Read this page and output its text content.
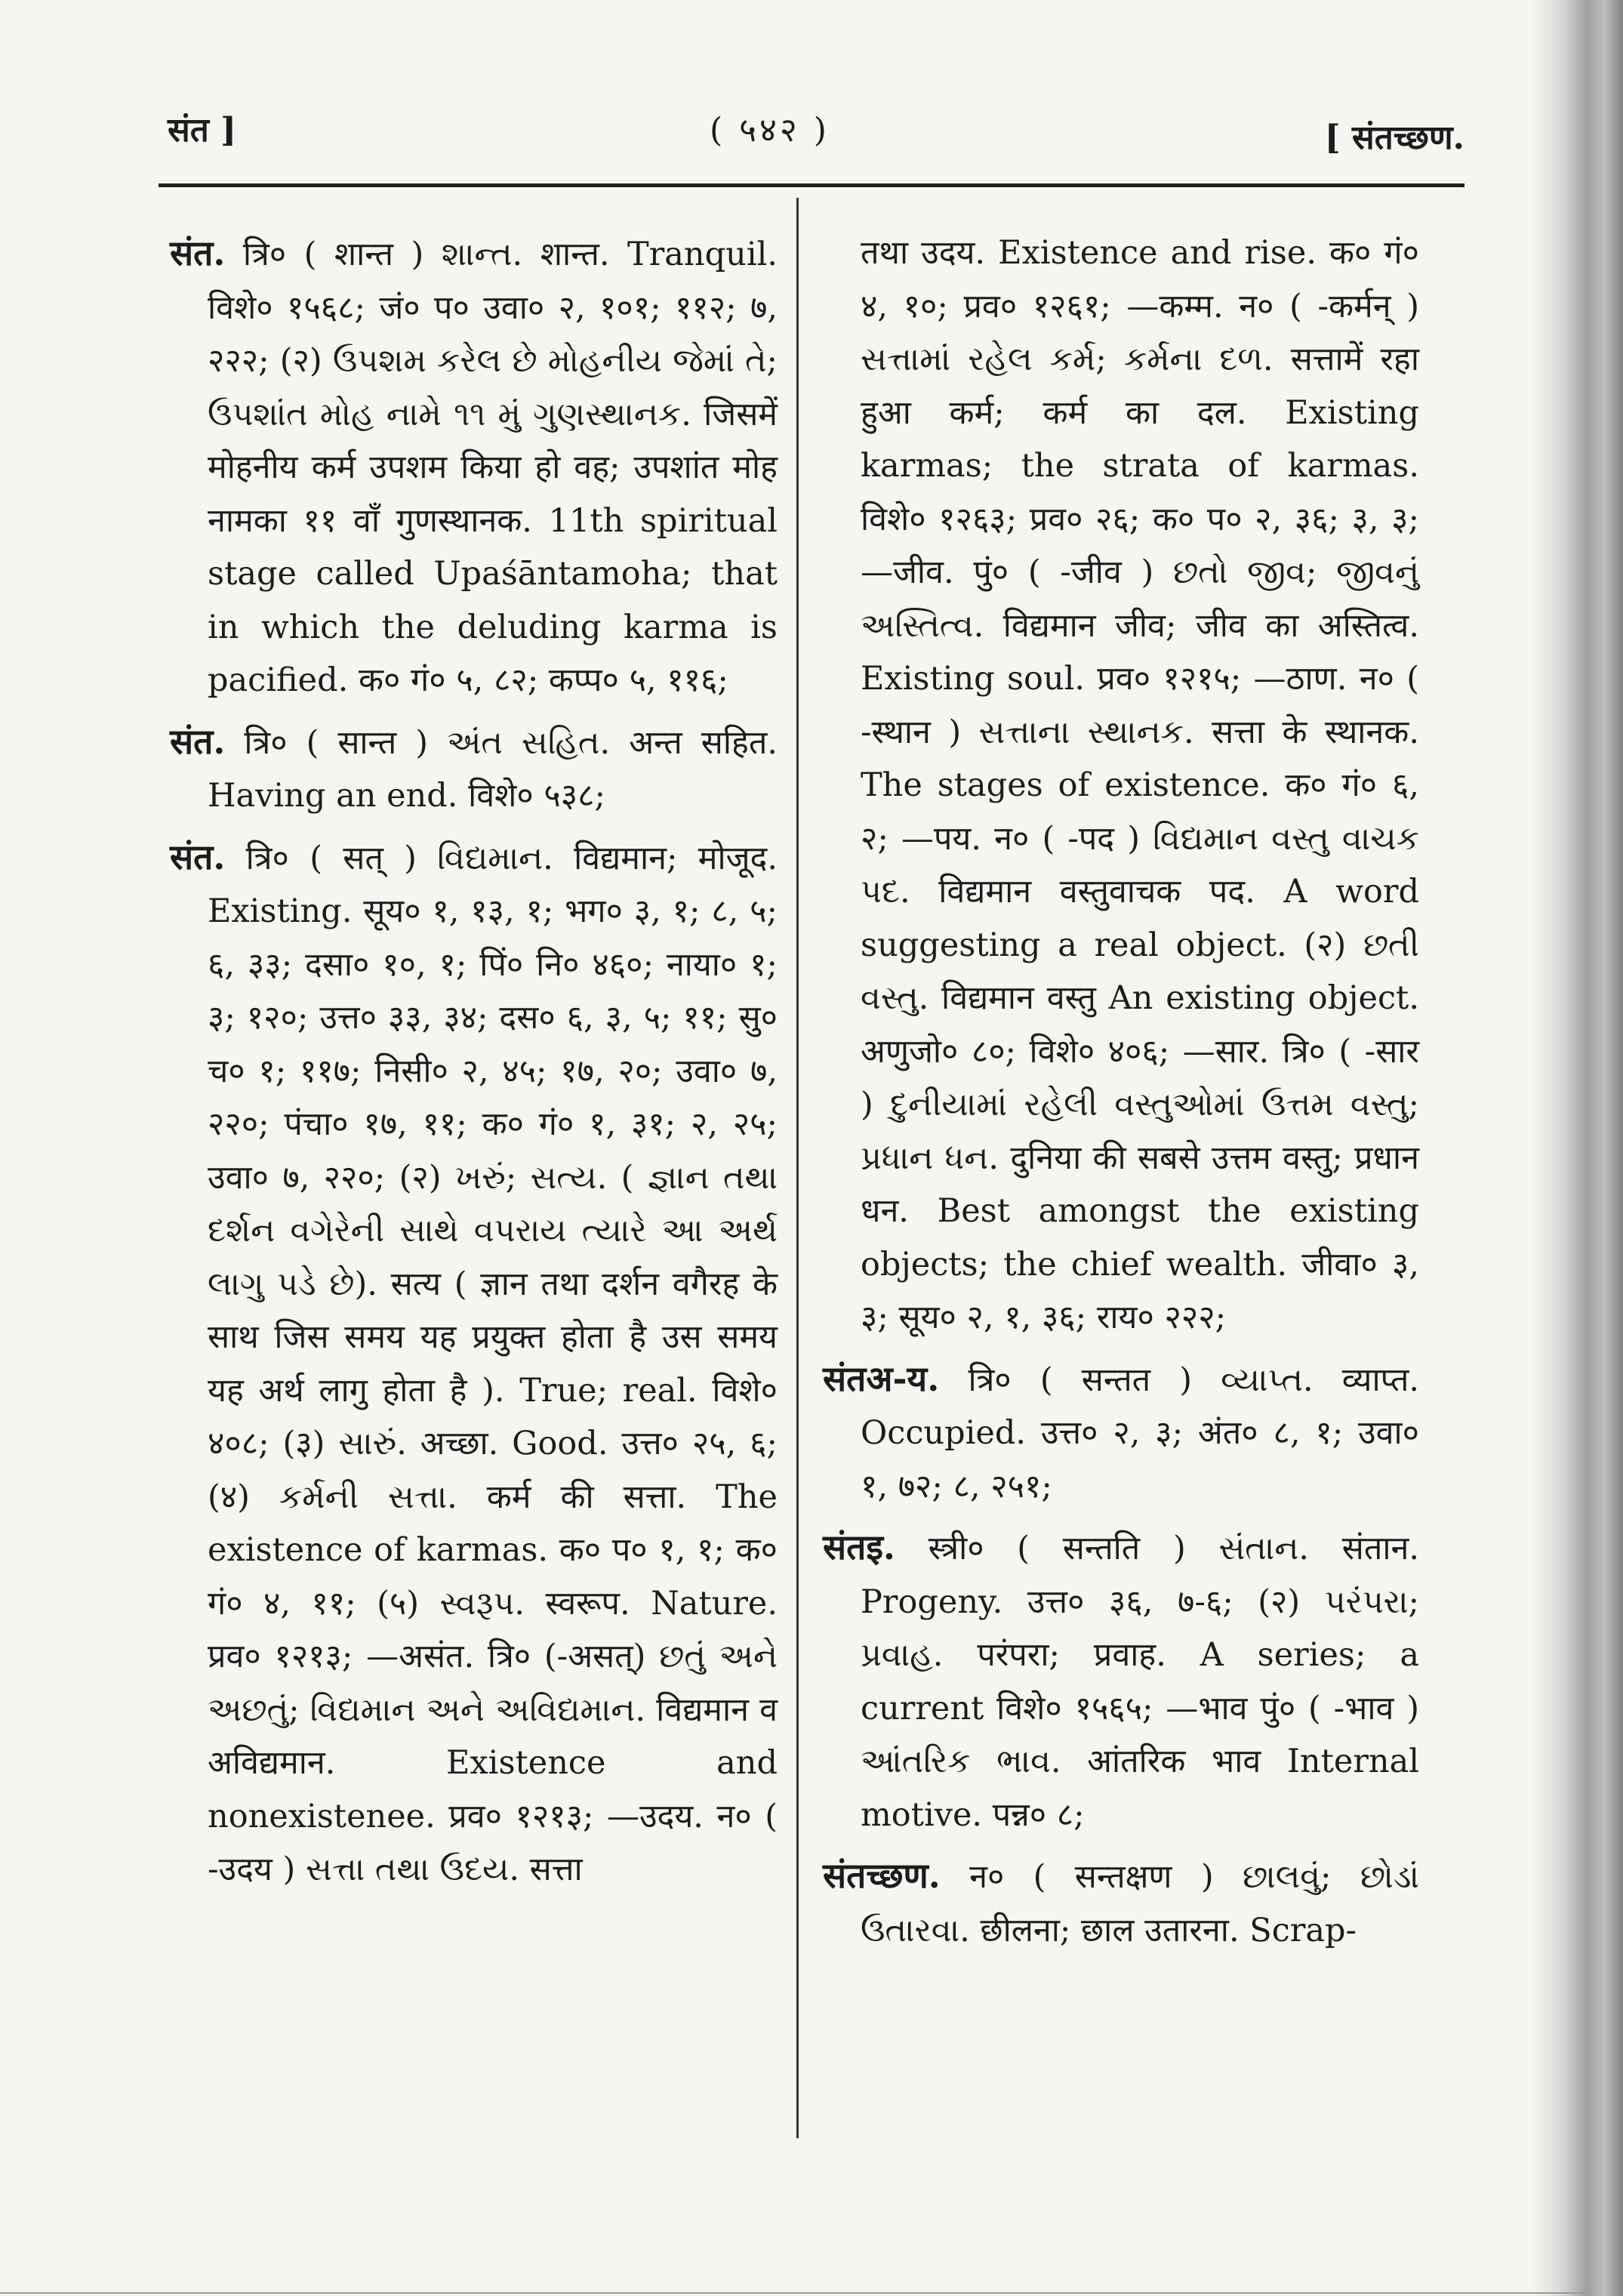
संत ]	( ५४२ )	[ संतच्छण.

संत. त्रि० ( शान्त ) શાન્ત. शान्त. Tranquil. विशे० १५६८; जं० प० उवा० २, १०१; ११२; ७, २२२; (२) ઉપશમ કરેલ છે મોહનીય જેમાં તે; ઉપશાંત મોહ નામે ૧૧ મું ગુણસ્થાનક. जिसमें मोहनीय कर्म उपशम किया हो वह; उपशांत मोह नामका ११ वाँ गुणस्थानक. 11th spiritual stage called Upaśāntamoha; that in which the deluding karma is pacified. क० गं० ५, ८२; कप्प० ५, ११६;

संत. त्रि० ( सान्त ) અંત સહિત. अन्त सहित. Having an end. विशे० ५३८;

संत. त्रि० ( सत् ) વિદ્યમાન. विद्यमान; मोजूद. Existing. सूय० १, १३, १; भग० ३, १; ८, ५; ६, ३३; दसा० १०, १; पिं० नि० ४६०; नाया० १; ३; १२०; उत्त० ३३, ३४; दस० ६, ३, ५; ११; सु० च० १; ११७; निसी० २, ४५; १७, २०; उवा० ७, २२०; पंचा० १७, ११; क० गं० १, ३१; २, २५; उवा० ७, २२०; (२) ખરું; સત્ય. ( જ્ઞાન તથા દર્શન વગેરેની સાથે વપરાય ત્યારે આ અર્થ લાગુ પડે છે). सत्य ( ज्ञान तथा दर्शन वगैरह के साथ जिस समय यह प्रयुक्त होता है उस समय यह अर्थ लागु होता है ). True; real. विशे० ४०८; (३) સારું. अच्छा. Good. उत्त० २५, ६; (४) કર્મની સત્તા. कर्म की सत्ता. The existence of karmas. क० प० १, १; क० गं० ४, ११; (५) સ્વરૂપ. स्वरूप. Nature. प्रव० १२१३; —असंत. त्रि० (-असत्) છતું અને અછતું; વિદ્યમાન અને અવિદ્યમાન. विद्यमान व अविद्यमान. Existence and nonexistenee. प्रव० १२१३; —उदय. न० ( -उदय ) સત્તા તથા ઉદય. सत्ता

तथा उदय. Existence and rise. क० गं० ४, १०; प्रव० १२६१; —कम्म. न० ( -कर्मन् ) સત્તામાં રહેલ કર્મ; કર્મના દળ. सत्तामें रहा हुआ कर्म; कर्म का दल. Existing karmas; the strata of karmas. विशे० १२६३; प्रव० २६; क० प० २, ३६; ३, ३; —जीव. पुं० ( -जीव ) છતો જીવ; જીવનું અસ્તિત્વ. विद्यमान जीव; जीव का अस्तित्व. Existing soul. प्रव० १२१५; —ठाण. न० ( -स्थान ) સત્તાના સ્થાનક. सत्ता के स्थानक. The stages of existence. क० गं० ६, २; —पय. न० ( -पद ) વિદ્યમાન વસ્તુ વાચક પદ. विद्यमान वस्तुवाचक पद. A word suggesting a real object. (२) છતી વસ્તુ. विद्यमान वस्तु An existing object. अणुजो० ८०; विशे० ४०६; —सार. त्रि० ( -सार ) દુનીયામાં રહેલી વસ્તુઓમાં ઉત્તમ વસ્તુ; પ્રધાન ધન. दुनिया की सबसे उत्तम वस्तु; प्रधान धन. Best amongst the existing objects; the chief wealth. जीवा० ३, ३; सूय० २, १, ३६; राय० २२२;

संतअ-य. त्रि० ( सन्तत ) વ્યાપ્ત. व्याप्त. Occupied. उत्त० २, ३; अंत० ८, १; उवा० १, ७२; ८, २५१;

संतइ. स्त्री० ( सन्तति ) સંતાન. संतान. Progeny. उत्त० ३६, ७-६; (२) પરંપરા; પ્રવાહ. परंपरा; प्रवाह. A series; a current विशे० १५६५; —भाव पुं० ( -भाव ) આંતરિક ભાવ. आंतरिक भाव Internal motive. पन्न० ८;

संतच्छण. न० ( सन्तक्षण ) છાલવું; છોડાં ઉતારવા. छीलना; छाल उतारना. Scrap-
